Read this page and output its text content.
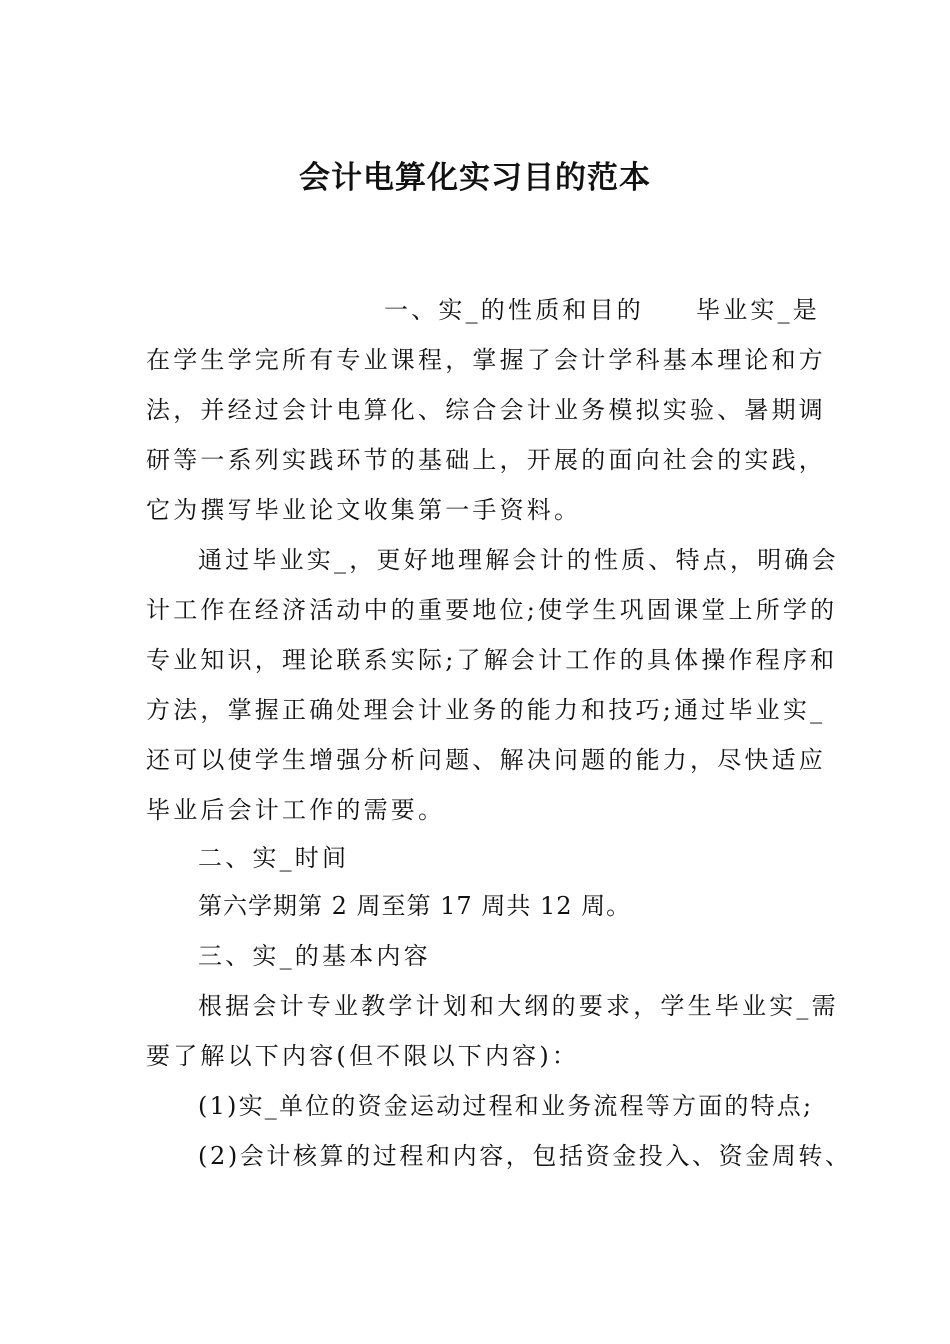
会计电算化实习目的范本
一、实_的性质和目的 毕业实_是
在学生学完所有专业课程，掌握了会计学科基本理论和方
法，并经过会计电算化、综合会计业务模拟实验、暑期调
研等一系列实践环节的基础上，开展的面向社会的实践，
它为撰写毕业论文收集第一手资料。
通过毕业实_，更好地理解会计的性质、特点，明确会
计工作在经济活动中的重要地位;使学生巩固课堂上所学的
专业知识，理论联系实际;了解会计工作的具体操作程序和
方法，掌握正确处理会计业务的能力和技巧;通过毕业实_
还可以使学生增强分析问题、解决问题的能力，尽快适应
毕业后会计工作的需要。
二、实_时间
第六学期第 2 周至第 17 周共 12 周。
三、实_的基本内容
根据会计专业教学计划和大纲的要求，学生毕业实_需
要了解以下内容(但不限以下内容)：
(1)实_单位的资金运动过程和业务流程等方面的特点;
(2)会计核算的过程和内容，包括资金投入、资金周转、
